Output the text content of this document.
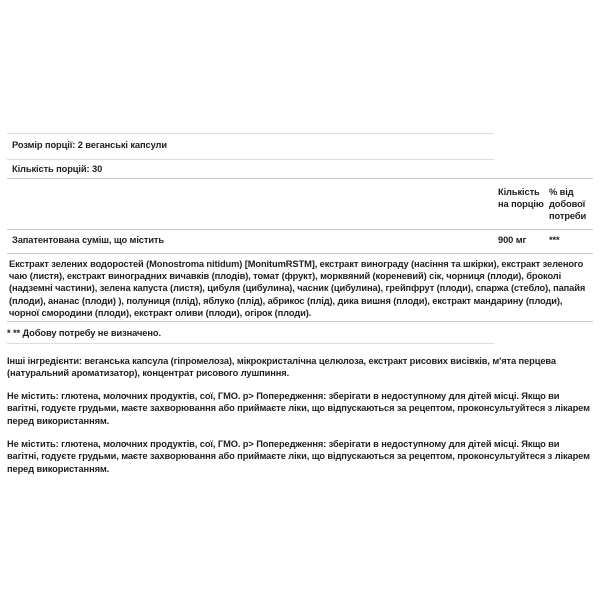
Розмір порції: 2 веганські капсули
Кількість порцій: 30
Кількість на порцію
% від добової потреби
Запатентована суміш, що містить	900 мг	***
Екстракт зелених водоростей (Monostroma nitidum) [MonitumRSTM], екстракт винограду (насіння та шкірки), екстракт зеленого чаю (листя), екстракт виноградних вичавків (плодів), томат (фрукт), морквяний (кореневий) сік, чорниця (плоди), броколі (надземні частини), зелена капуста (листя), цибуля (цибулина), часник (цибулина), грейпфрут (плоди), спаржа (стебло), папайя (плоди), ананас (плоди) ), полуниця (плід), яблуко (плід), абрикос (плід), дика вишня (плоди), екстракт мандарину (плоди), чорної смородини (плоди), екстракт оливи (плоди), огірок (плоди).
* ** Добову потребу не визначено.

Інші інгредієнти: веганська капсула (гіпромелоза), мікрокристалічна целюлоза, екстракт рисових висівків, м'ята перцева (натуральний ароматизатор), концентрат рисового лушпиння.

Не містить: глютена, молочних продуктів, сої, ГМО. р> Попередження: зберігати в недоступному для дітей місці. Якщо ви вагітні, годуєте грудьми, маєте захворювання або приймаєте ліки, що відпускаються за рецептом, проконсультуйтеся з лікарем перед використанням.

Не містить: глютена, молочних продуктів, сої, ГМО. р> Попередження: зберігати в недоступному для дітей місці. Якщо ви вагітні, годуєте грудьми, маєте захворювання або приймаєте ліки, що відпускаються за рецептом, проконсультуйтеся з лікарем перед використанням.
